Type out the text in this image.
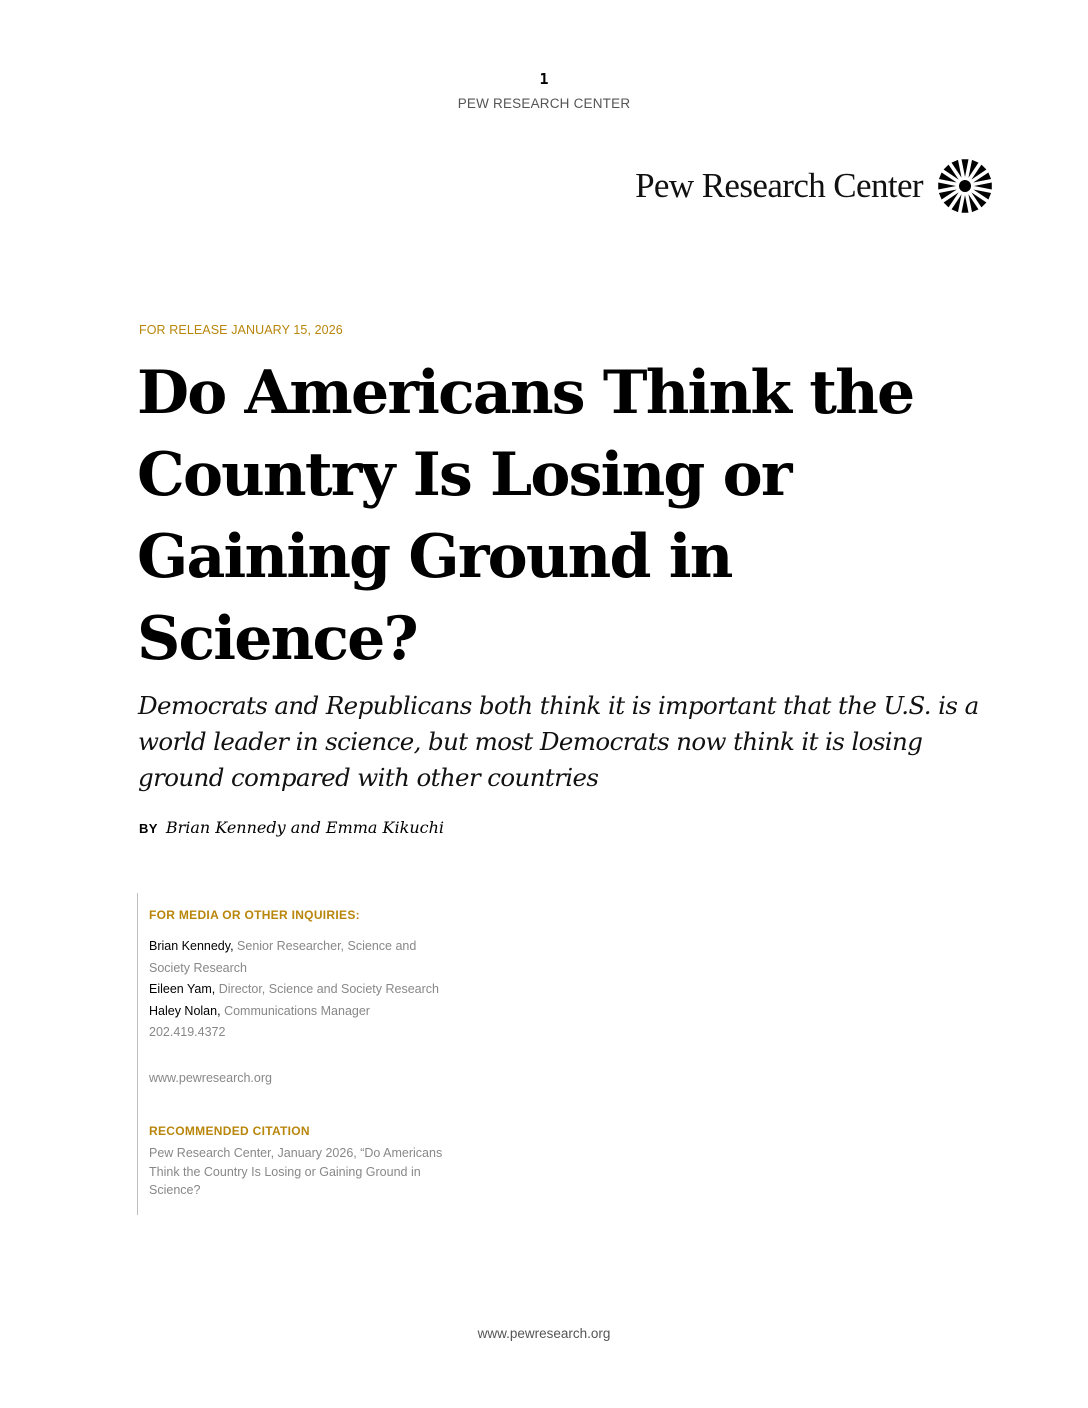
1
PEW RESEARCH CENTER
Pew Research Center
FOR RELEASE JANUARY 15, 2026
Do Americans Think the Country Is Losing or Gaining Ground in Science?

Democrats and Republicans both think it is important that the U.S. is a world leader in science, but most Democrats now think it is losing ground compared with other countries

BY Brian Kennedy and Emma Kikuchi
FOR MEDIA OR OTHER INQUIRIES:
Brian Kennedy, Senior Researcher, Science and Society Research
Eileen Yam, Director, Science and Society Research
Haley Nolan, Communications Manager
202.419.4372
www.pewresearch.org
RECOMMENDED CITATION
Pew Research Center, January 2026, “Do Americans Think the Country Is Losing or Gaining Ground in Science?
www.pewresearch.org
